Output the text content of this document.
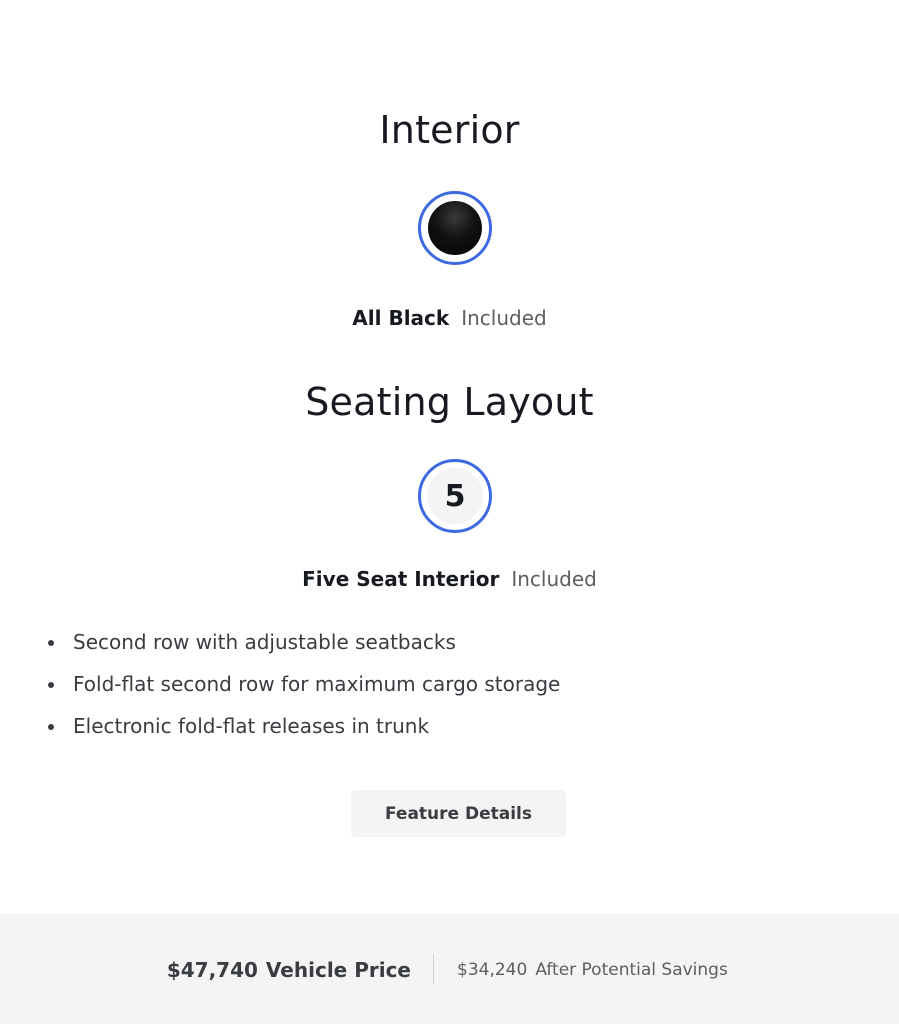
Interior
All Black Included
Seating Layout
5
Five Seat Interior Included
Second row with adjustable seatbacks
Fold-flat second row for maximum cargo storage
Electronic fold-flat releases in trunk
Feature Details
$47,740 Vehicle Price	$34,240 After Potential Savings
